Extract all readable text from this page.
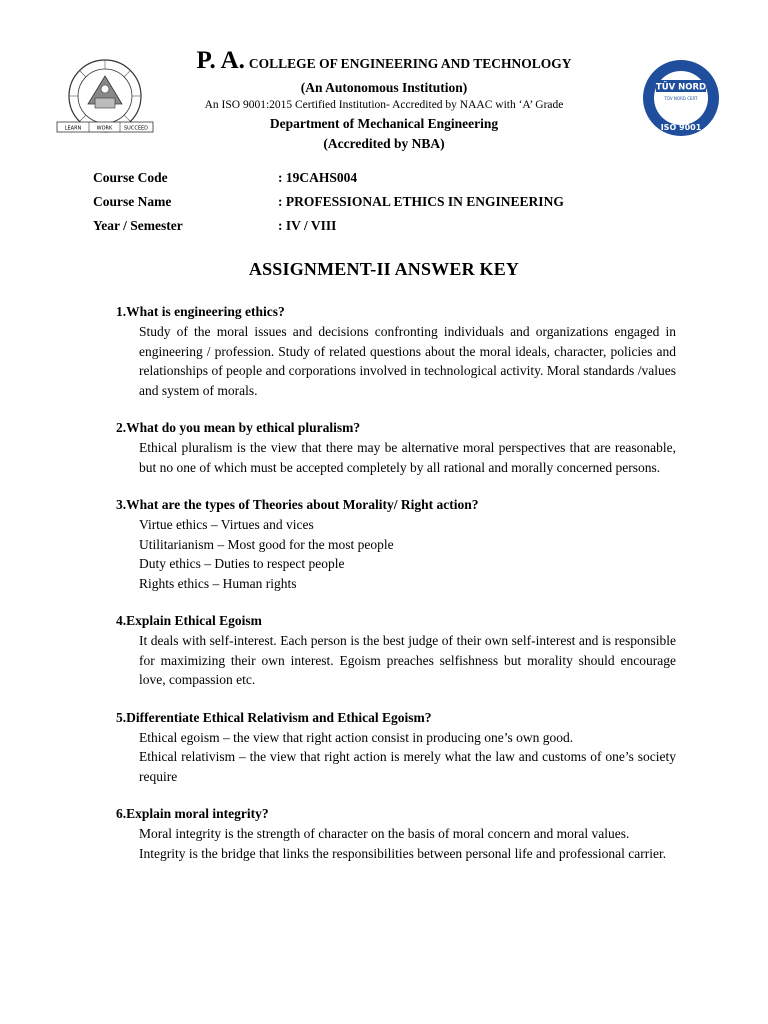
LEARN	WORK SUCCEED
TÜV NORD
TÜV NORD CERT
ISO 9001
P. A. COLLEGE OF ENGINEERING AND TECHNOLOGY
(An Autonomous Institution)
An ISO 9001:2015 Certified Institution- Accredited by NAAC with ‘A’ Grade
Department of Mechanical Engineering
(Accredited by NBA)
Course Code	: 19CAHS004
Course Name	: PROFESSIONAL ETHICS IN ENGINEERING
Year / Semester	: IV / VIII
ASSIGNMENT-II ANSWER KEY
1.What is engineering ethics?
Study of the moral issues and decisions confronting individuals and organizations engaged in engineering / profession. Study of related questions about the moral ideals, character, policies and relationships of people and corporations involved in technological activity. Moral standards /values and system of morals.
2.What do you mean by ethical pluralism?
Ethical pluralism is the view that there may be alternative moral perspectives that are reasonable, but no one of which must be accepted completely by all rational and morally concerned persons.
3.What are the types of Theories about Morality/ Right action?
Virtue ethics – Virtues and vices
Utilitarianism – Most good for the most people
Duty ethics – Duties to respect people
Rights ethics – Human rights
4.Explain Ethical Egoism
It deals with self-interest. Each person is the best judge of their own self-interest and is responsible for maximizing their own interest. Egoism preaches selfishness but morality should encourage love, compassion etc.
5.Differentiate Ethical Relativism and Ethical Egoism?
Ethical egoism – the view that right action consist in producing one’s own good.
Ethical relativism – the view that right action is merely what the law and customs of one’s society require
6.Explain moral integrity?
Moral integrity is the strength of character on the basis of moral concern and moral values.
Integrity is the bridge that links the responsibilities between personal life and professional carrier.
